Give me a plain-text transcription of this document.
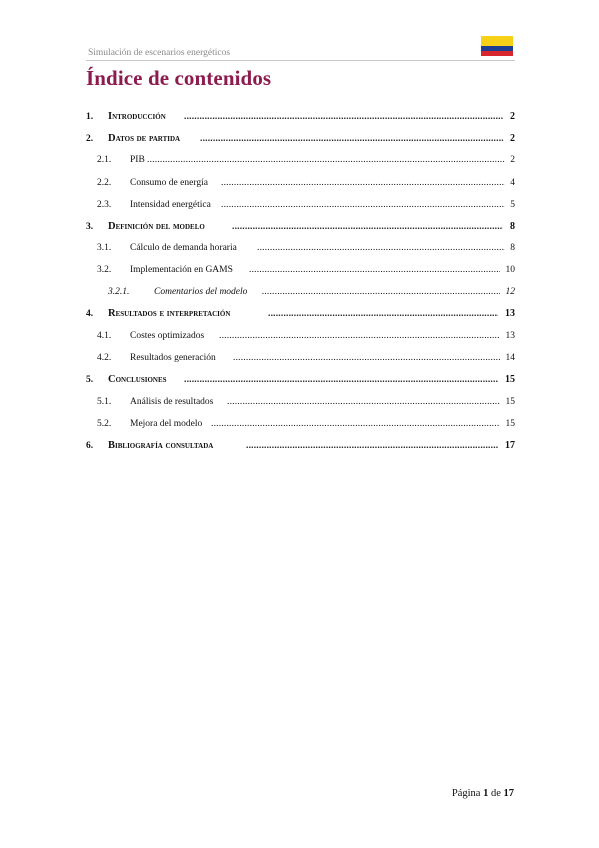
Simulación de escenarios energéticos
Índice de contenidos
1. Introducción .....	2
2. Datos de partida .....	2
2.1. PIB .....	2
2.2. Consumo de energía .....	4
2.3. Intensidad energética .....	5
3. Definición del modelo .....	8
3.1. Cálculo de demanda horaria .....	8
3.2. Implementación en GAMS .....	10
3.2.1.	Comentarios del modelo .....	12
4. Resultados e interpretación .....	13
4.1. Costes optimizados .....	13
4.2. Resultados generación .....	14
5. Conclusiones .....	15
5.1. Análisis de resultados .....	15
5.2. Mejora del modelo .....	15
6. Bibliografía consultada .....	17
Página 1 de 17
